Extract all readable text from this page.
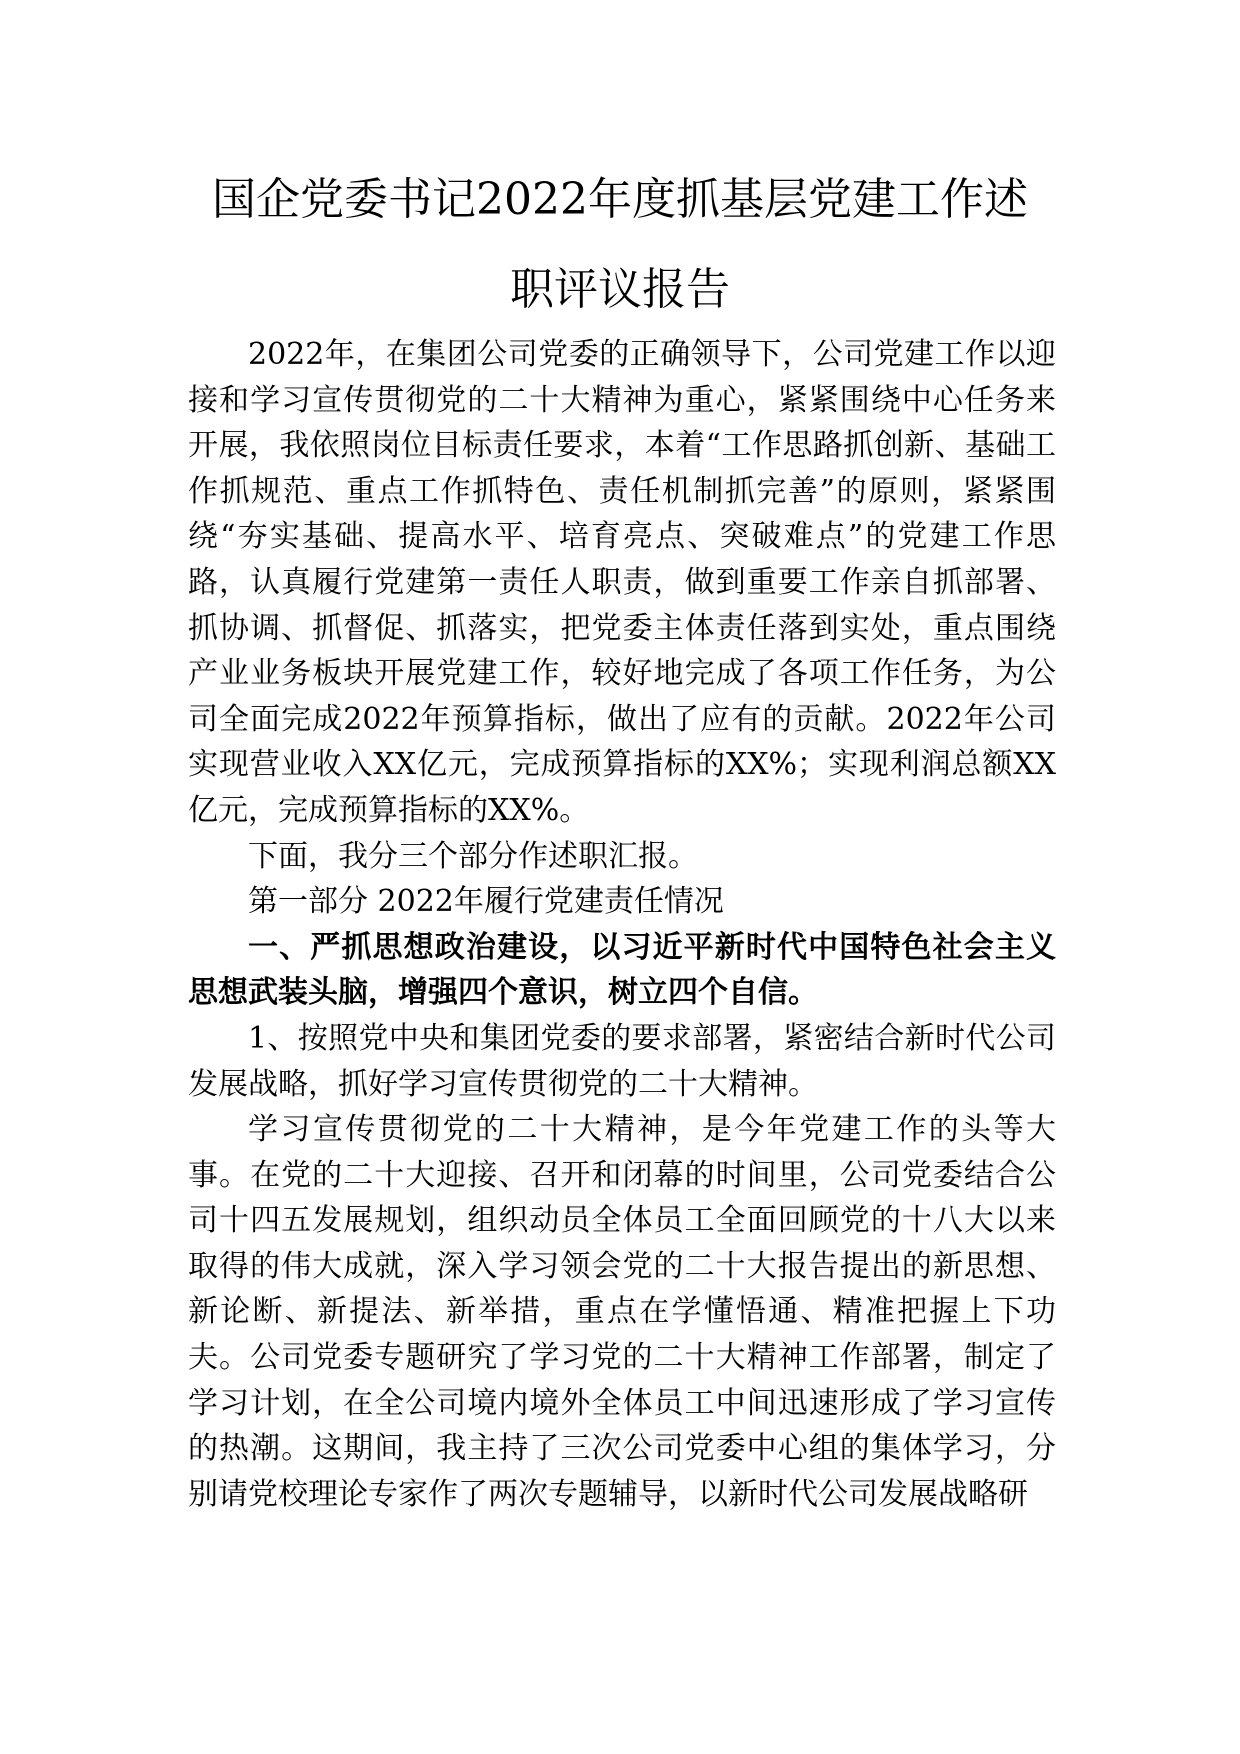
国企党委书记2022年度抓基层党建工作述
职评议报告

2022年，在集团公司党委的正确领导下，公司党建工作以迎接和学习宣传贯彻党的二十大精神为重心，紧紧围绕中心任务来开展，我依照岗位目标责任要求，本着“工作思路抓创新、基础工作抓规范、重点工作抓特色、责任机制抓完善”的原则，紧紧围绕“夯实基础、提高水平、培育亮点、突破难点”的党建工作思路，认真履行党建第一责任人职责，做到重要工作亲自抓部署、抓协调、抓督促、抓落实，把党委主体责任落到实处，重点围绕产业业务板块开展党建工作，较好地完成了各项工作任务，为公司全面完成2022年预算指标，做出了应有的贡献。2022年公司实现营业收入XX亿元，完成预算指标的XX%；实现利润总额XX亿元，完成预算指标的XX%。

下面，我分三个部分作述职汇报。

第一部分 2022年履行党建责任情况

一、严抓思想政治建设，以习近平新时代中国特色社会主义思想武装头脑，增强四个意识，树立四个自信。

1、按照党中央和集团党委的要求部署，紧密结合新时代公司发展战略，抓好学习宣传贯彻党的二十大精神。

学习宣传贯彻党的二十大精神，是今年党建工作的头等大事。在党的二十大迎接、召开和闭幕的时间里，公司党委结合公司十四五发展规划，组织动员全体员工全面回顾党的十八大以来取得的伟大成就，深入学习领会党的二十大报告提出的新思想、新论断、新提法、新举措，重点在学懂悟通、精准把握上下功夫。公司党委专题研究了学习党的二十大精神工作部署，制定了学习计划，在全公司境内境外全体员工中间迅速形成了学习宣传的热潮。这期间，我主持了三次公司党委中心组的集体学习，分别请党校理论专家作了两次专题辅导，以新时代公司发展战略研
